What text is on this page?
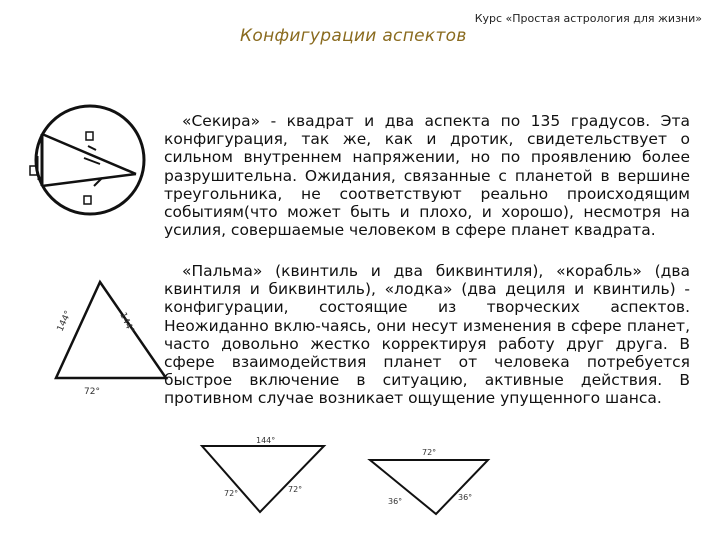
Курс «Простая астрология для жизни»
Конфигурации аспектов
«Секира» - квадрат и два аспекта по 135 градусов. Эта конфигурация, так же, как и дротик, свидетельствует о сильном внутреннем напряжении, но по проявлению более разрушительна. Ожидания, связанные с планетой в вершине треугольника, не соответствуют реально происходящим событиям(что может быть и плохо, и хорошо), несмотря на усилия, совершаемые человеком в сфере планет квадрата.
144°	144°
72°
«Пальма» (квинтиль и два биквинтиля), «корабль» (два квинтиля и биквинтиль), «лодка» (два дециля и квинтиль) - конфигурации, состоящие из творческих аспектов. Неожиданно вклю-чаясь, они несут изменения в сфере планет, часто довольно жестко корректируя работу друг друга. В сфере взаимодействия планет от человека потребуется быстрое включение в ситуацию, активные действия. В противном случае возникает ощущение упущенного шанса.
144°
72°	72°
72°
36°	36°
